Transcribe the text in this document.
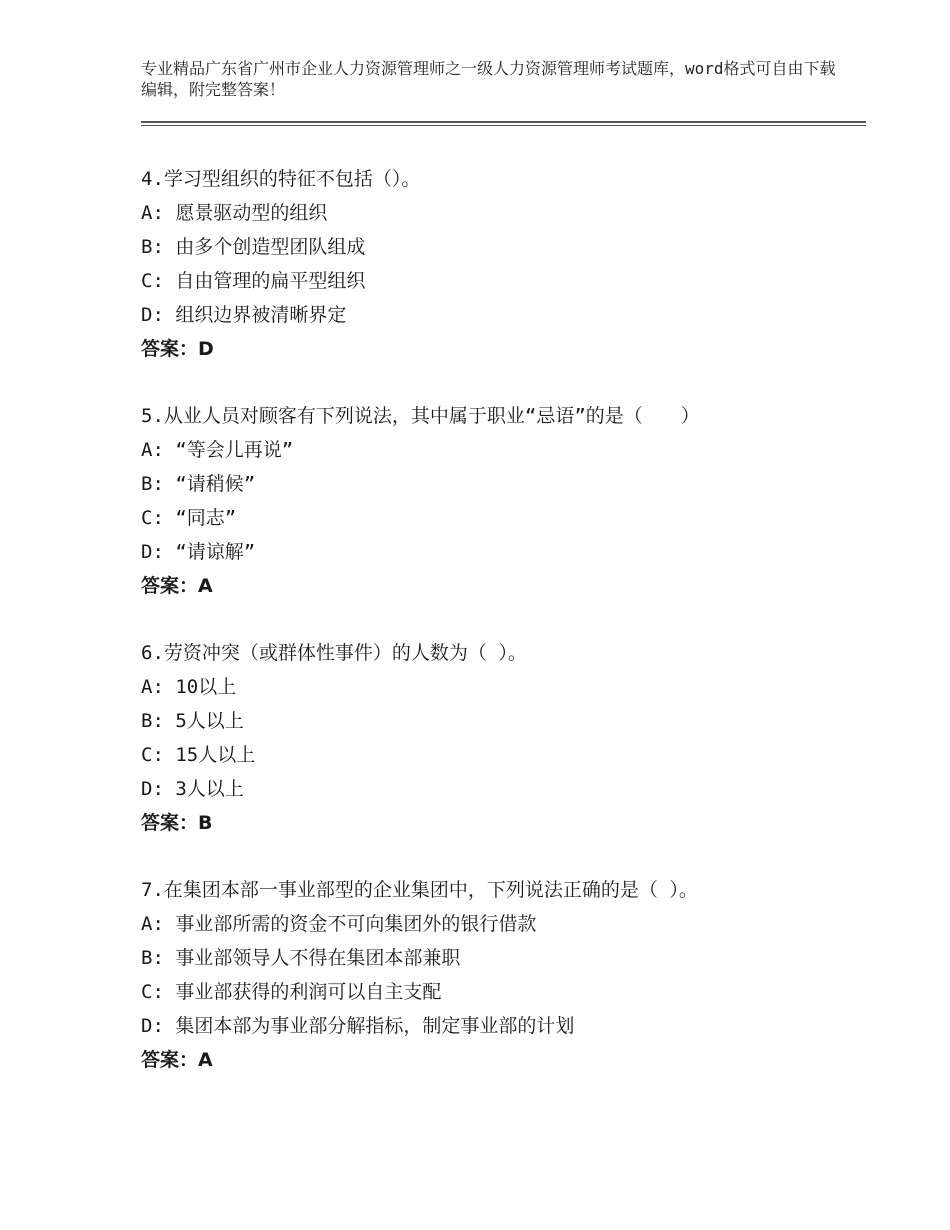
专业精品广东省广州市企业人力资源管理师之一级人力资源管理师考试题库，word格式可自由下载编辑，附完整答案！
4.学习型组织的特征不包括（）。
A: 愿景驱动型的组织
B: 由多个创造型团队组成
C: 自由管理的扁平型组织
D: 组织边界被清晰界定
答案：D
5.从业人员对顾客有下列说法，其中属于职业“忌语”的是（　　）
A: “等会儿再说”
B: “请稍候”
C: “同志”
D: “请谅解”
答案：A
6.劳资冲突（或群体性事件）的人数为（ ）。
A: 10以上
B: 5人以上
C: 15人以上
D: 3人以上
答案：B
7.在集团本部一事业部型的企业集团中，下列说法正确的是（ ）。
A: 事业部所需的资金不可向集团外的银行借款
B: 事业部领导人不得在集团本部兼职
C: 事业部获得的利润可以自主支配
D: 集团本部为事业部分解指标，制定事业部的计划
答案：A
